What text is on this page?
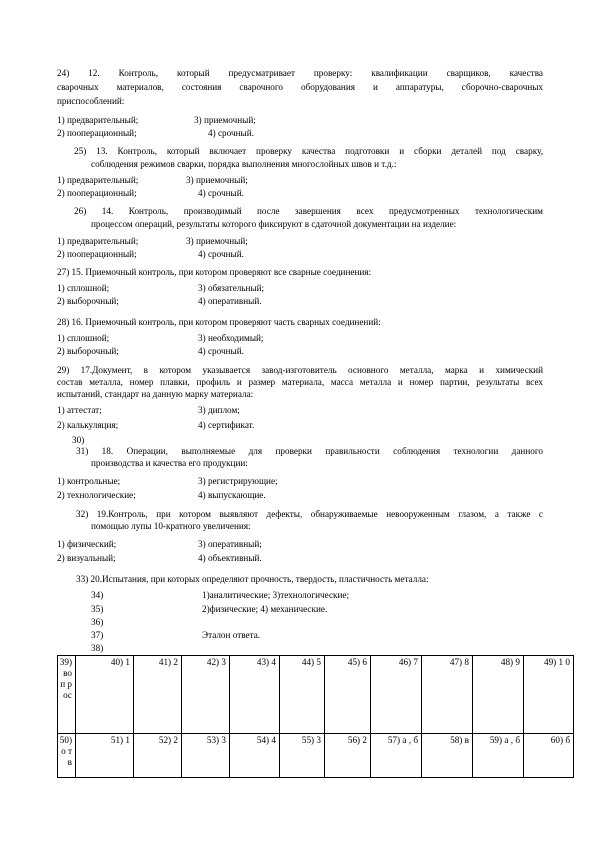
24) 12. Контроль, который предусматривает проверку: квалификации сварщиков, качества
сварочных материалов, состояния сварочного оборудования и аппаратуры, сборочно-сварочных
приспособлений:
1) предварительный;	3) приемочный;
2) пооперационный;	4) срочный.
25) 13. Контроль, который включает проверку качества подготовки и сборки деталей под сварку,
соблюдения режимов сварки, порядка выполнения многослойных швов и т.д.:
1) предварительный;	3) приемочный;
2) пооперационный;	4) срочный.
26) 14. Контроль, производимый после завершения всех предусмотренных технологическим
процессом операций, результаты которого фиксируют в сдаточной документации на изделие:
1) предварительный;	3) приемочный;
2) пооперационный;	4) срочный.
27) 15. Приемочный контроль, при котором проверяют все сварные соединения:
1) сплошной;	3) обязательный;
2) выборочный;	4) оперативный.
28) 16. Приемочный контроль, при котором проверяют часть сварных соединений:
1) сплошной;	3) необходимый;
2) выборочный;	4) срочный.
29) 17.Документ, в котором указывается завод-изготовитель основного металла, марка и химический
состав металла, номер плавки, профиль и размер материала, масса металла и номер партии, результаты всех
испытаний, стандарт на данную марку материала:
1) аттестат;	3) диплом;
2) калькуляция;	4) сертификат.
30)
31) 18. Операции, выполняемые для проверки правильности соблюдения технологии данного
производства и качества его продукции:
1) контрольные;	3) регистрирующие;
2) технологические;	4) выпускающие.
32) 19.Контроль, при котором выявляют дефекты, обнаруживаемые невооруженным глазом, а также с
помощью лупы 10-кратного увеличения:
1) физический;	3) оперативный;
2) визуальный;	4) объективный.
33) 20.Испытания, при которых определяют прочность, твердость, пластичность металла:
34)	1)аналитические; 3)технологические;
35)	2)физические; 4) механические.
36)
37)	Эталон ответа.
38)
39) во п р ос	40) 1	41) 2	42) 3	43) 4	44) 5	45) 6	46) 7	47) 8	48) 9	49) 1 0
50) о т в	51) 1	52) 2	53) 3	54) 4	55) 3	56) 2	57) а , б	58) в	59) а , б	60) б
